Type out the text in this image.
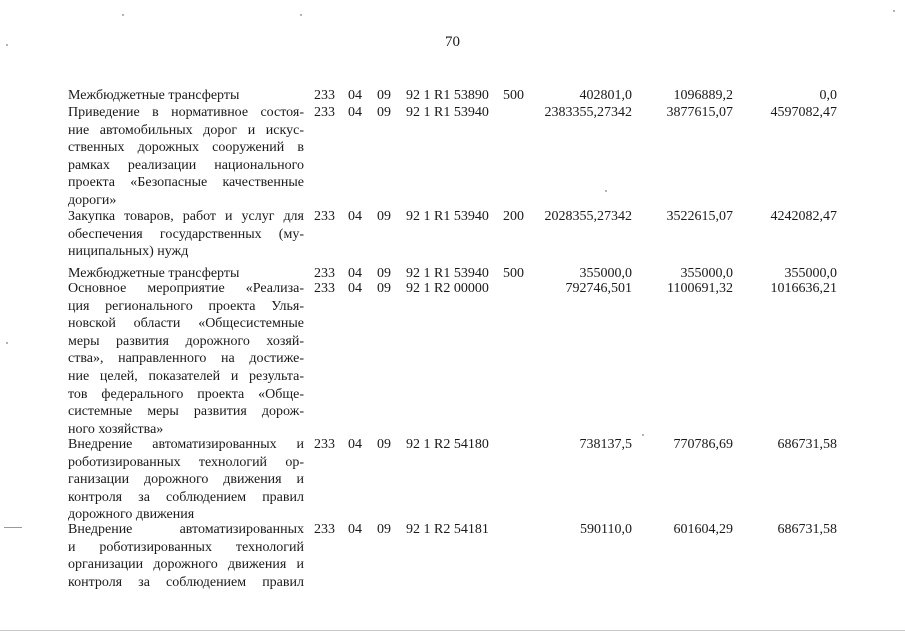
70
Межбюджетные трансферты	233 04 09 92 1 R1 53890 500	402801,0	1096889,2	0,0
Приведение в нормативное состоя-
ние автомобильных дорог и искус-
ственных дорожных сооружений в
рамках реализации национального
проекта «Безопасные качественные
дороги»
233 04 09 92 1 R1 53940	2383355,27342 3877615,07	4597082,47
Закупка товаров, работ и услуг для
обеспечения государственных (му-
ниципальных) нужд
233 04 09 92 1 R1 53940 200 2028355,27342 3522615,07	4242082,47
Межбюджетные трансферты	233 04 09 92 1 R1 53940 500	355000,0	355000,0	355000,0
Основное мероприятие «Реализа-
ция регионального проекта Улья-
новской области «Общесистемные
меры развития дорожного хозяй-
ства», направленного на достиже-
ние целей, показателей и результа-
тов федерального проекта «Обще-
системные меры развития дорож-
ного хозяйства»
233 04 09 92 1 R2 00000	792746,501	1100691,32	1016636,21
Внедрение автоматизированных и
роботизированных технологий ор-
ганизации дорожного движения и
контроля за соблюдением правил
дорожного движения
233 04 09 92 1 R2 54180	738137,5	770786,69	686731,58
Внедрение автоматизированных
и роботизированных технологий
организации дорожного движения и
контроля за соблюдением правил
233 04 09 92 1 R2 54181	590110,0	601604,29	686731,58
